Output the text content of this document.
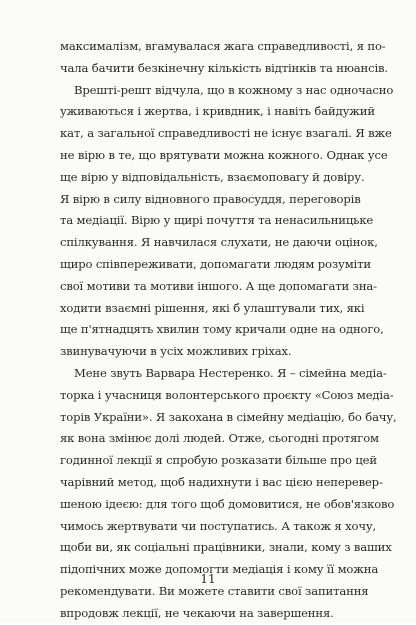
максималізм, вгамувалася жага справедливості, я по-
чала бачити безкінечну кількість відтінків та нюансів.
Врешті-решт відчула, що в кожному з нас одночасно
уживаються і жертва, і кривдник, і навіть байдужий
кат, а загальної справедливості не існує взагалі. Я вже
не вірю в те, що врятувати можна кожного. Однак усе
ще вірю у відповідальність, взаємоповагу й довіру.
Я вірю в силу відновного правосуддя, переговорів
та медіації. Вірю у щирі почуття та ненасильницьке
спілкування. Я навчилася слухати, не даючи оцінок,
щиро співпереживати, допомагати людям розуміти
свої мотиви та мотиви іншого. А ще допомагати зна-
ходити взаємні рішення, які б улаштували тих, які
ще п'ятнадцять хвилин тому кричали одне на одного,
звинувачуючи в усіх можливих гріхах.
Мене звуть Варвара Нестеренко. Я – сімейна медіа-
торка і учасниця волонтерського проєкту «Союз медіа-
торів України». Я закохана в сімейну медіацію, бо бачу,
як вона змінює долі людей. Отже, сьогодні протягом
годинної лекції я спробую розказати більше про цей
чарівний метод, щоб надихнути і вас цією неперевер-
шеною ідеєю: для того щоб домовитися, не обов'язково
чимось жертвувати чи поступатись. А також я хочу,
щоби ви, як соціальні працівники, знали, кому з ваших
підопічних може допомогти медіація і кому її можна
рекомендувати. Ви можете ставити свої запитання
впродовж лекції, не чекаючи на завершення.
11
